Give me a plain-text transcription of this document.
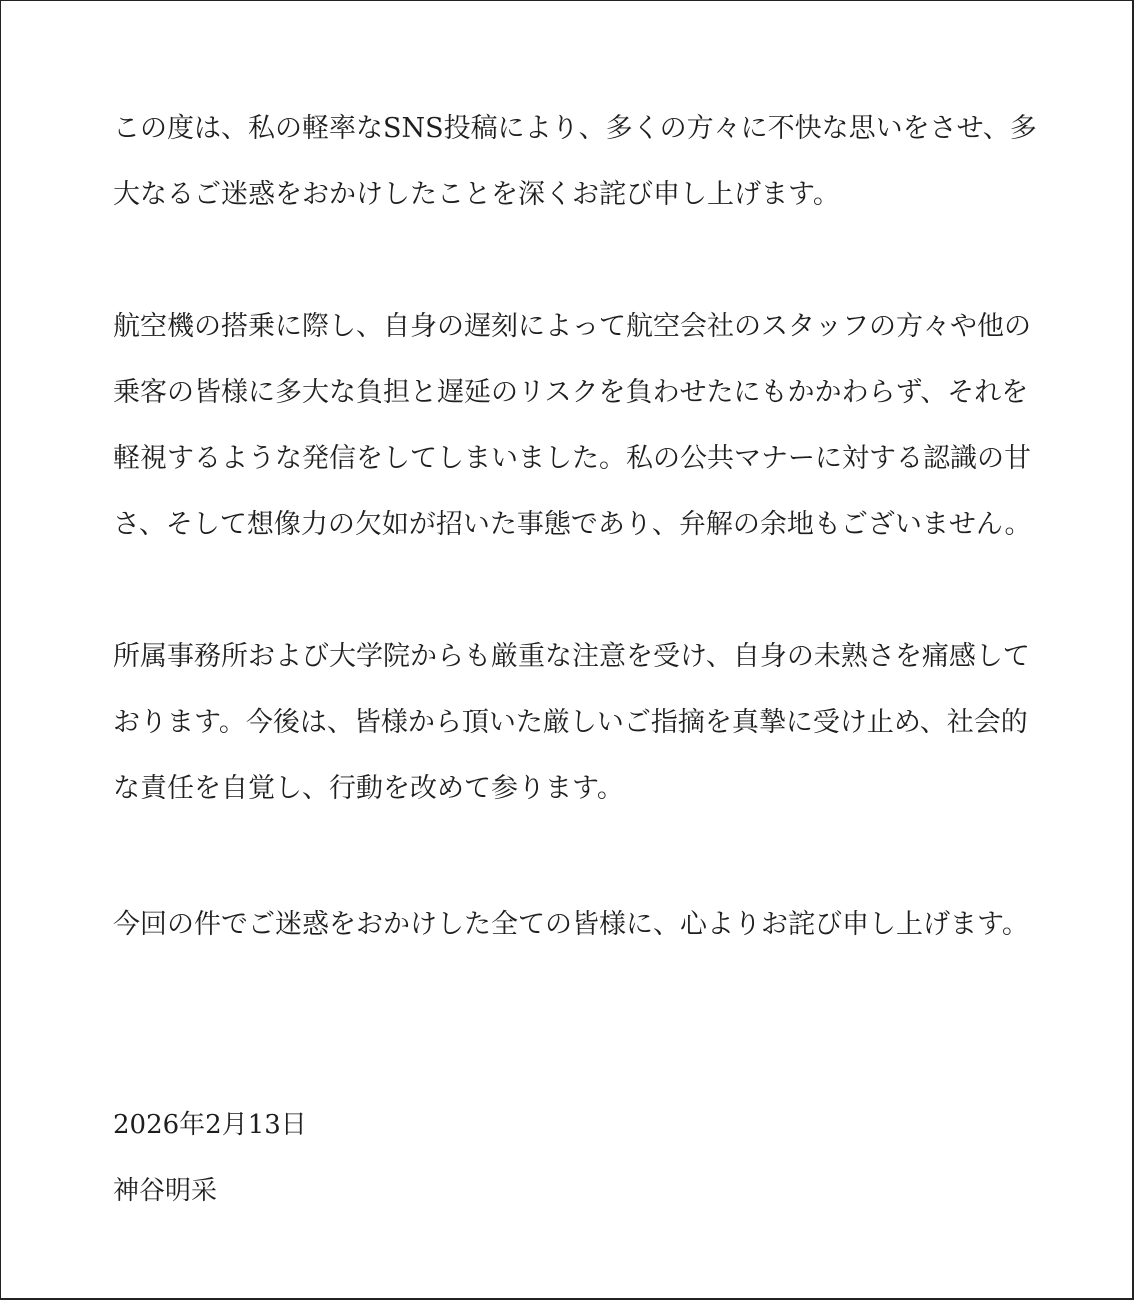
この度は、私の軽率なSNS投稿により、多くの方々に不快な思いをさせ、多
大なるご迷惑をおかけしたことを深くお詫び申し上げます。
航空機の搭乗に際し、自身の遅刻によって航空会社のスタッフの方々や他の
乗客の皆様に多大な負担と遅延のリスクを負わせたにもかかわらず、それを
軽視するような発信をしてしまいました。私の公共マナーに対する認識の甘
さ、そして想像力の欠如が招いた事態であり、弁解の余地もございません。
所属事務所および大学院からも厳重な注意を受け、自身の未熟さを痛感して
おります。今後は、皆様から頂いた厳しいご指摘を真摯に受け止め、社会的
な責任を自覚し、行動を改めて参ります。
今回の件でご迷惑をおかけした全ての皆様に、心よりお詫び申し上げます。
2026年2月13日
神谷明采
